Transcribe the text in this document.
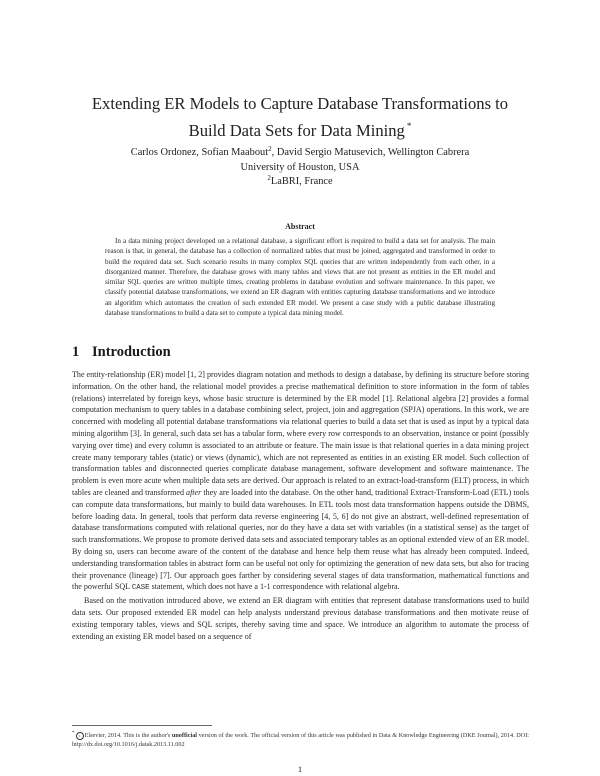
Extending ER Models to Capture Database Transformations to
Build Data Sets for Data Mining *
Carlos Ordonez, Sofian Maabout$^2$, David Sergio Matusevich, Wellington Cabrera
University of Houston, USA
$^2$LaBRI, France
Abstract
In a data mining project developed on a relational database, a significant effort is required to build a data set for analysis. The main reason is that, in general, the database has a collection of normalized tables that must be joined, aggregated and transformed in order to build the required data set. Such scenario results in many complex SQL queries that are written independently from each other, in a disorganized manner. Therefore, the database grows with many tables and views that are not present as entities in the ER model and similar SQL queries are written multiple times, creating problems in database evolution and software maintenance. In this paper, we classify potential database transformations, we extend an ER diagram with entities capturing database transformations and we introduce an algorithm which automates the creation of such extended ER model. We present a case study with a public database illustrating database transformations to build a data set to compute a typical data mining model.
1 Introduction

The entity-relationship (ER) model [1, 2] provides diagram notation and methods to design a database, by defining its structure before storing information. On the other hand, the relational model provides a precise mathematical definition to store information in the form of tables (relations) interrelated by foreign keys, whose basic structure is determined by the ER model [1]. Relational algebra [2] provides a formal computation mechanism to query tables in a database combining select, project, join and aggregation (SPJA) operations. In this work, we are concerned with modeling all potential database transformations via relational queries to build a data set that is used as input by a typical data mining algorithm [3]. In general, such data set has a tabular form, where every row corresponds to an observation, instance or point (possibly varying over time) and every column is associated to an attribute or feature. The main issue is that relational queries in a data mining project create many temporary tables (static) or views (dynamic), which are not represented as entities in an existing ER model. Such collection of transformation tables and disconnected queries complicate database management, software development and software maintenance. The problem is even more acute when multiple data sets are derived. Our approach is related to an extract-load-transform (ELT) process, in which tables are cleaned and transformed after they are loaded into the database. On the other hand, traditional Extract-Transform-Load (ETL) tools can compute data transformations, but mainly to build data warehouses. In ETL tools most data transformation happens outside the DBMS, before loading data. In general, tools that perform data reverse engineering [4, 5, 6] do not give an abstract, well-defined representation of database transformations computed with relational queries, nor do they have a data set with variables (in a statistical sense) as the target of such transformations. We propose to promote derived data sets and associated temporary tables as an optional extended view of an ER model. By doing so, users can become aware of the content of the database and hence help them reuse what has already been computed. Indeed, understanding transformation tables in abstract form can be useful not only for optimizing the generation of new data sets, but also for tracing their provenance (lineage) [7]. Our approach goes farther by considering several stages of data transformation, mathematical functions and the powerful SQL CASE statement, which does not have a 1-1 correspondence with relational algebra.

Based on the motivation introduced above, we extend an ER diagram with entities that represent database transformations used to build data sets. Our proposed extended ER model can help analysts understand previous database transformations and then motivate reuse of existing temporary tables, views and SQL scripts, thereby saving time and space. We introduce an algorithm to automate the process of extending an existing ER model based on a sequence of

* c Elsevier, 2014. This is the author's unofficial version of the work. The official version of this article was published in Data & Knowledge Engineering (DKE Journal), 2014. DOI: http://dx.doi.org/10.1016/j.datak.2013.11.002
1
